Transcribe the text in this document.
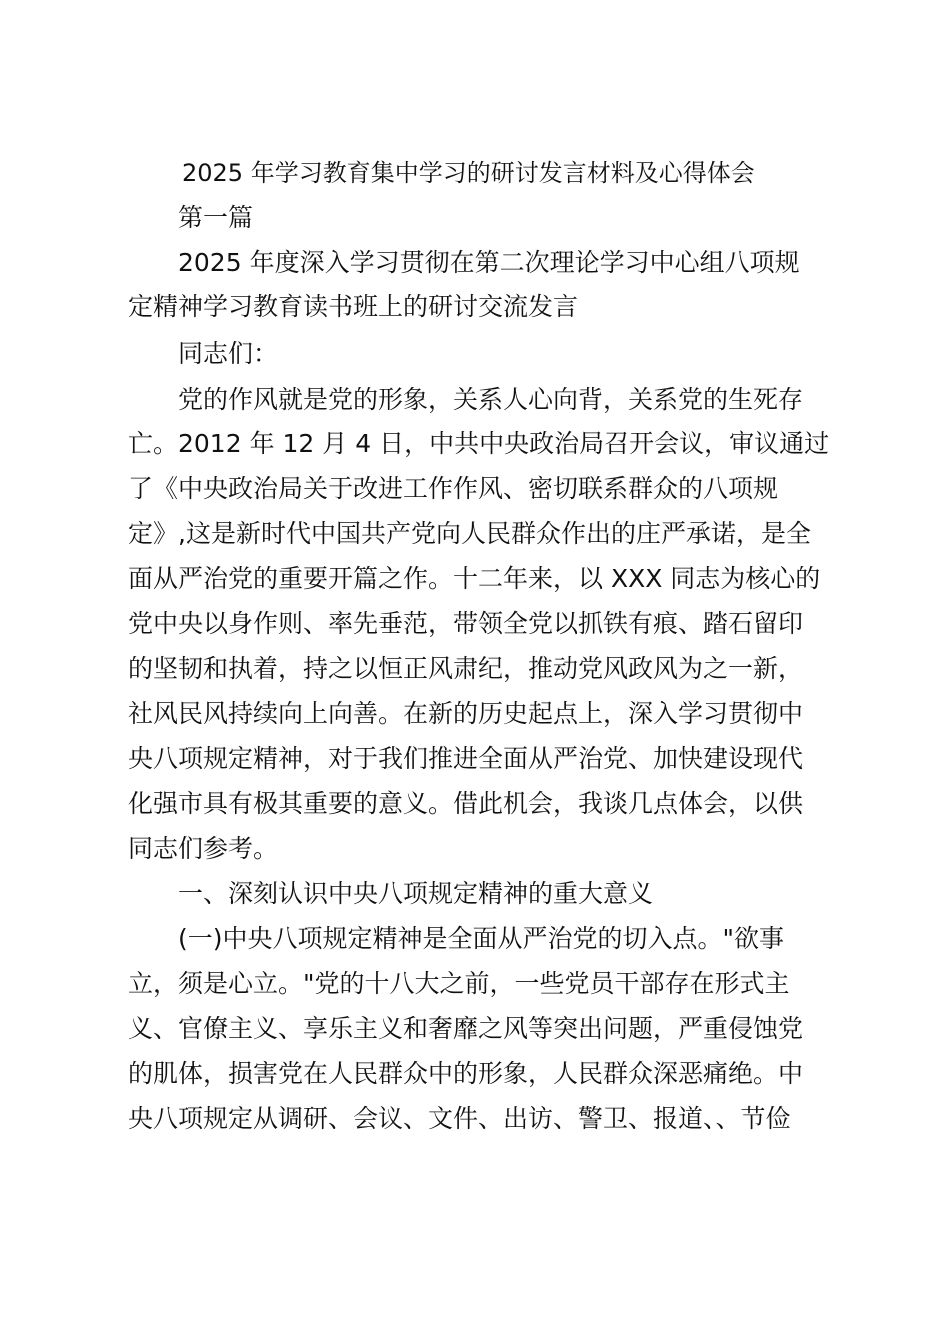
2025 年学习教育集中学习的研讨发言材料及心得体会
第一篇
2025 年度深入学习贯彻在第二次理论学习中心组八项规
定精神学习教育读书班上的研讨交流发言
同志们：
党的作风就是党的形象，关系人心向背，关系党的生死存
亡。2012 年 12 月 4 日，中共中央政治局召开会议，审议通过
了《中央政治局关于改进工作作风、密切联系群众的八项规
定》,这是新时代中国共产党向人民群众作出的庄严承诺，是全
面从严治党的重要开篇之作。十二年来，以 XXX 同志为核心的
党中央以身作则、率先垂范，带领全党以抓铁有痕、踏石留印
的坚韧和执着，持之以恒正风肃纪，推动党风政风为之一新，
社风民风持续向上向善。在新的历史起点上，深入学习贯彻中
央八项规定精神，对于我们推进全面从严治党、加快建设现代
化强市具有极其重要的意义。借此机会，我谈几点体会，以供
同志们参考。
一、深刻认识中央八项规定精神的重大意义
(一)中央八项规定精神是全面从严治党的切入点。"欲事
立，须是心立。"党的十八大之前，一些党员干部存在形式主
义、官僚主义、享乐主义和奢靡之风等突出问题，严重侵蚀党
的肌体，损害党在人民群众中的形象，人民群众深恶痛绝。中
央八项规定从调研、会议、文件、出访、警卫、报道、、节俭
